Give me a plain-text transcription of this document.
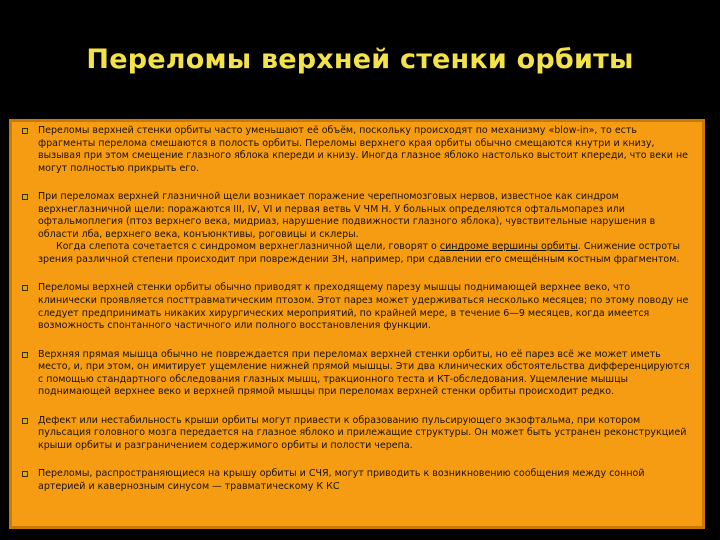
Переломы верхней стенки орбиты
Переломы верхней стенки орбиты часто уменьшают её объём, поскольку происходят по механизму «blow-in», то есть фрагменты перелома смешаются в полость орбиты. Переломы верхнего края орбиты обычно смещаются кнутри и книзу, вызывая при этом смещение глазного яблока кпереди и книзу. Иногда глазное яблоко настолько выстоит кпереди, что веки не могут полностью прикрыть его.
При переломах верхней глазничной щели возникает поражение черепномозговых нервов, известное как синдром верхнеглазничной щели: поражаются III, IV, VI и первая ветвь V ЧМ Н. У больных определяются офтальмопарез или офтальмоплегия (птоз верхнего века, мидриаз, нарушение подвижности глазного яблока), чувствительные нарушения в области лба, верхнего века, конъюнктивы, роговицы и склеры.
Когда слепота сочетается с синдромом верхнеглазничной щели, говорят о синдроме вершины орбиты. Снижение остроты зрения различной степени происходит при повреждении ЗН, например, при сдавлении его смещённым костным фрагментом.
Переломы верхней стенки орбиты обычно приводят к преходящему парезу мышцы поднимающей верхнее веко, что клинически проявляется посттравматическим птозом. Этот парез может удерживаться несколько месяцев; по этому поводу не следует предпринимать никаких хирургических мероприятий, по крайней мере, в течение 6—9 месяцев, когда имеется возможность спонтанного частичного или полного восстановления функции.
Верхняя прямая мышца обычно не повреждается при переломах верхней стенки орбиты, но её парез всё же может иметь место, и, при этом, он имитирует ущемление нижней прямой мышцы. Эти два клинических обстоятельства дифференцируются с помощью стандартного обследования глазных мышц, тракционного теста и КТ-обследования. Ущемление мышцы поднимающей верхнее веко и верхней прямой мышцы при переломах верхней стенки орбиты происходит редко.
Дефект или нестабильность крыши орбиты могут привести к образованию пульсирующего экзофтальма, при котором пульсация головного мозга передается на глазное яблоко и прилежащие структуры. Он может быть устранен реконструкцией крыши орбиты и разграничением содержимого орбиты и полости черепа.
Переломы, распространяющиеся на крышу орбиты и СЧЯ, могут приводить к возникновению сообщения между сонной артерией и кавернозным синусом — травматическому К КС
